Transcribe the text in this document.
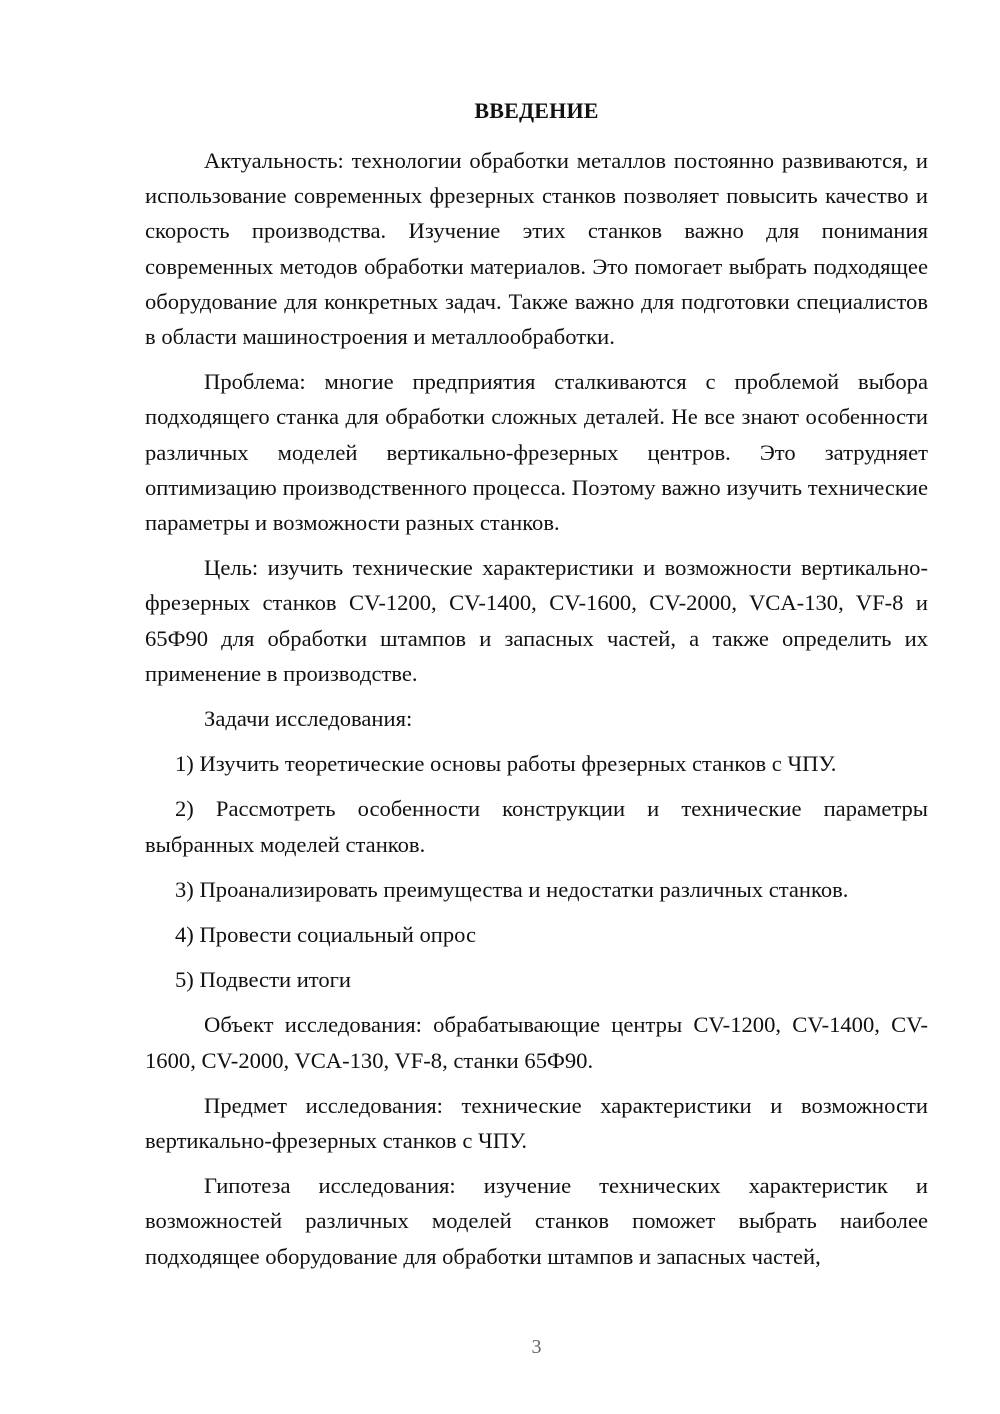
ВВЕДЕНИЕ

Актуальность: технологии обработки металлов постоянно развиваются, и использование современных фрезерных станков позволяет повысить качество и скорость производства. Изучение этих станков важно для понимания современных методов обработки материалов. Это помогает выбрать подходящее оборудование для конкретных задач. Также важно для подготовки специалистов в области машиностроения и металлообработки.

Проблема: многие предприятия сталкиваются с проблемой выбора подходящего станка для обработки сложных деталей. Не все знают особенности различных моделей вертикально-фрезерных центров. Это затрудняет оптимизацию производственного процесса. Поэтому важно изучить технические параметры и возможности разных станков.

Цель: изучить технические характеристики и возможности вертикально-фрезерных станков CV-1200, CV-1400, CV-1600, CV-2000, VCA-130, VF-8 и 65Ф90 для обработки штампов и запасных частей, а также определить их применение в производстве.

Задачи исследования:

1) Изучить теоретические основы работы фрезерных станков с ЧПУ.

2) Рассмотреть особенности конструкции и технические параметры выбранных моделей станков.

3) Проанализировать преимущества и недостатки различных станков.

4) Провести социальный опрос

5) Подвести итоги

Объект исследования: обрабатывающие центры CV-1200, CV-1400, CV-1600, CV-2000, VCA-130, VF-8, станки 65Ф90.

Предмет исследования: технические характеристики и возможности вертикально-фрезерных станков с ЧПУ.

Гипотеза исследования: изучение технических характеристик и возможностей различных моделей станков поможет выбрать наиболее подходящее оборудование для обработки штампов и запасных частей,

3
